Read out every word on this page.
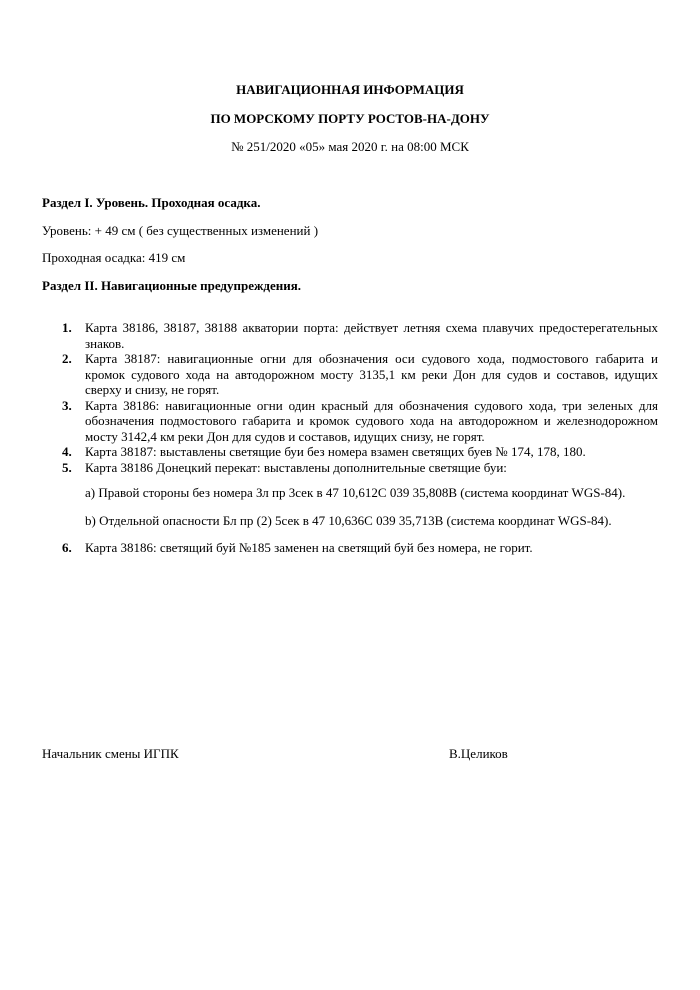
НАВИГАЦИОННАЯ ИНФОРМАЦИЯ

ПО МОРСКОМУ ПОРТУ РОСТОВ-НА-ДОНУ

№ 251/2020 «05» мая 2020 г. на 08:00 МСК

Раздел I. Уровень. Проходная осадка.

Уровень: + 49 см ( без существенных изменений )

Проходная осадка: 419 см

Раздел II. Навигационные предупреждения.

1. Карта 38186, 38187, 38188 акватории порта: действует летняя схема плавучих предостерегательных знаков.
2. Карта 38187: навигационные огни для обозначения оси судового хода, подмостового габарита и кромок судового хода на автодорожном мосту 3135,1 км реки Дон для судов и составов, идущих сверху и снизу, не горят.
3. Карта 38186: навигационные огни один красный для обозначения судового хода, три зеленых для обозначения подмостового габарита и кромок судового хода на автодорожном и железнодорожном мосту 3142,4 км реки Дон для судов и составов, идущих снизу, не горят.
4. Карта 38187: выставлены светящие буи без номера взамен светящих буев № 174, 178, 180.
5. Карта 38186 Донецкий перекат: выставлены дополнительные светящие буи:

а) Правой стороны без номера Зл пр 3сек в 47 10,612С 039 35,808В (система координат WGS-84).

b) Отдельной опасности Бл пр (2) 5сек в 47 10,636С 039 35,713В (система координат WGS-84).

6. Карта 38186: светящий буй №185 заменен на светящий буй без номера, не горит.

Начальник смены ИГПК	В.Целиков
